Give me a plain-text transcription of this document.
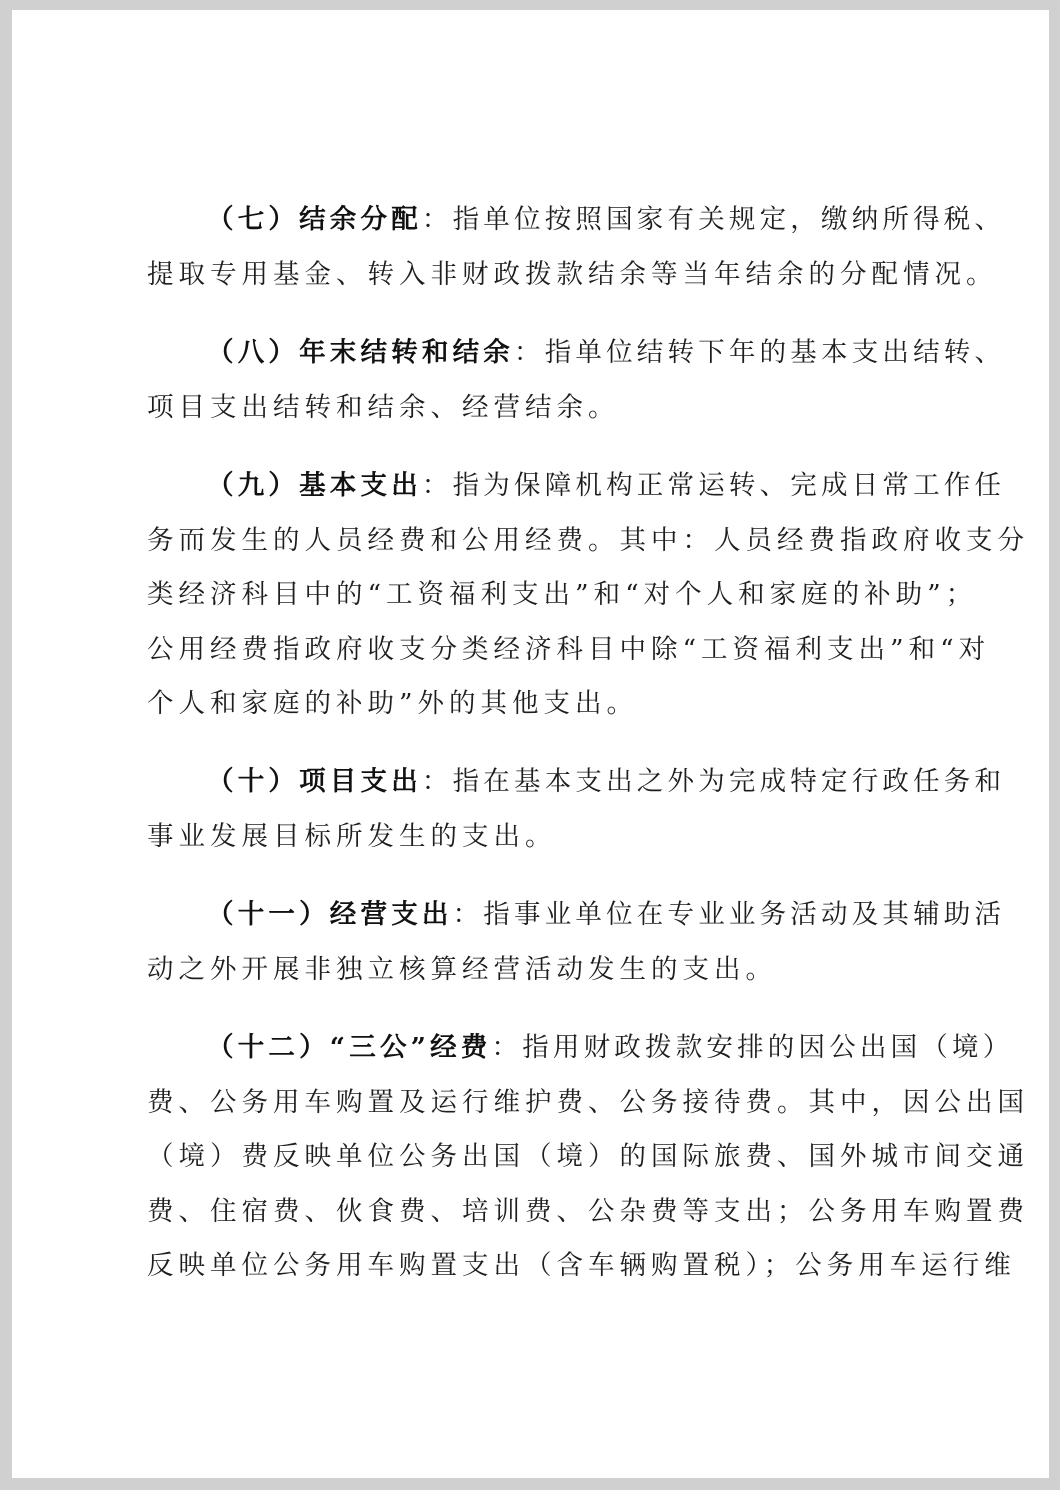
（七）结余分配：指单位按照国家有关规定，缴纳所得税、
提取专用基金、转入非财政拨款结余等当年结余的分配情况。
（八）年末结转和结余：指单位结转下年的基本支出结转、
项目支出结转和结余、经营结余。
（九）基本支出：指为保障机构正常运转、完成日常工作任
务而发生的人员经费和公用经费。其中：人员经费指政府收支分
类经济科目中的“工资福利支出”和“对个人和家庭的补助”；
公用经费指政府收支分类经济科目中除“工资福利支出”和“对
个人和家庭的补助”外的其他支出。
（十）项目支出：指在基本支出之外为完成特定行政任务和
事业发展目标所发生的支出。
（十一）经营支出：指事业单位在专业业务活动及其辅助活
动之外开展非独立核算经营活动发生的支出。
（十二）“三公”经费：指用财政拨款安排的因公出国（境）
费、公务用车购置及运行维护费、公务接待费。其中，因公出国
（境）费反映单位公务出国（境）的国际旅费、国外城市间交通
费、住宿费、伙食费、培训费、公杂费等支出；公务用车购置费
反映单位公务用车购置支出（含车辆购置税）；公务用车运行维
